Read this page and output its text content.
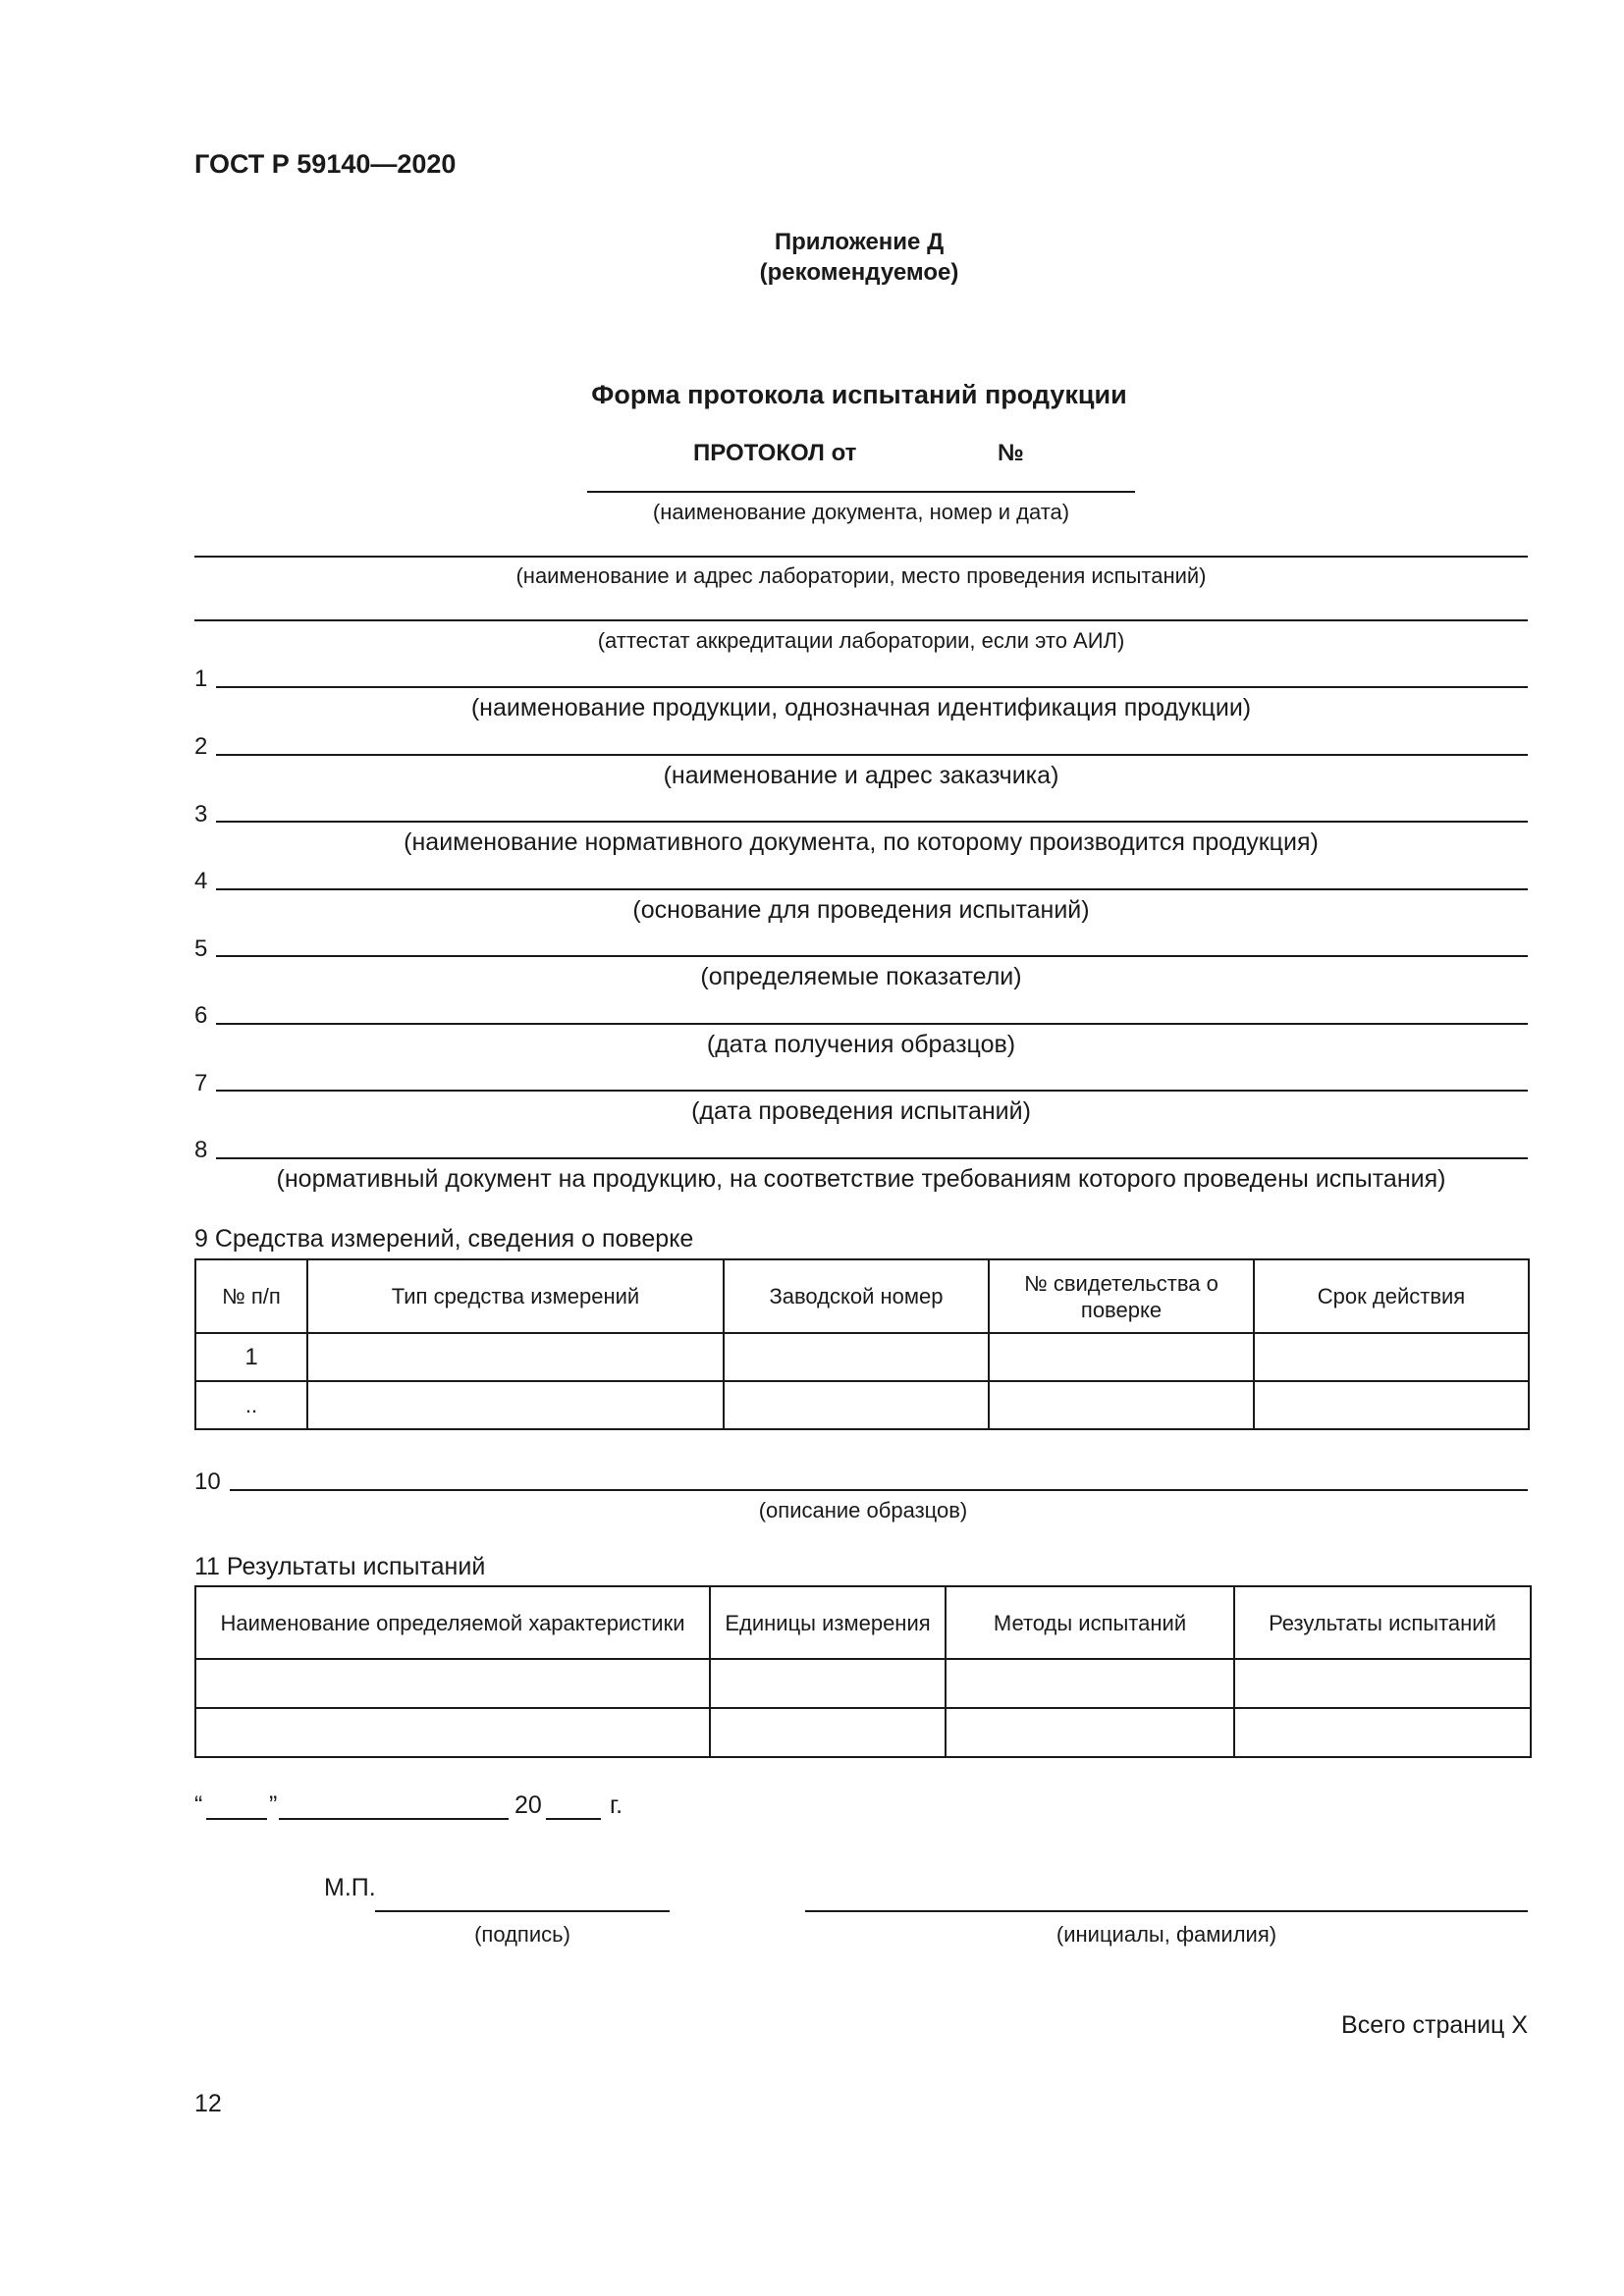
ГОСТ Р 59140—2020
Приложение Д
(рекомендуемое)
Форма протокола испытаний продукции
ПРОТОКОЛ от	№
(наименование документа, номер и дата)
(наименование и адрес лаборатории, место проведения испытаний)
(аттестат аккредитации лаборатории, если это АИЛ)
1
(наименование продукции, однозначная идентификация продукции)
2
(наименование и адрес заказчика)
3
(наименование нормативного документа, по которому производится продукция)
4
(основание для проведения испытаний)
5
(определяемые показатели)
6
(дата получения образцов)
7
(дата проведения испытаний)
8
(нормативный документ на продукцию, на соответствие требованиям которого проведены испытания)
9 Средства измерений, сведения о поверке
№ п/п	Тип средства измерений	Заводской номер	№ свидетельства о поверке	Срок действия
1				
..				
10
(описание образцов)
11 Результаты испытаний
Наименование определяемой характеристики	Единицы измерения	Методы испытаний	Результаты испытаний

“	”	20	г.
М.П.
(подпись)	(инициалы, фамилия)
Всего страниц Х
12
